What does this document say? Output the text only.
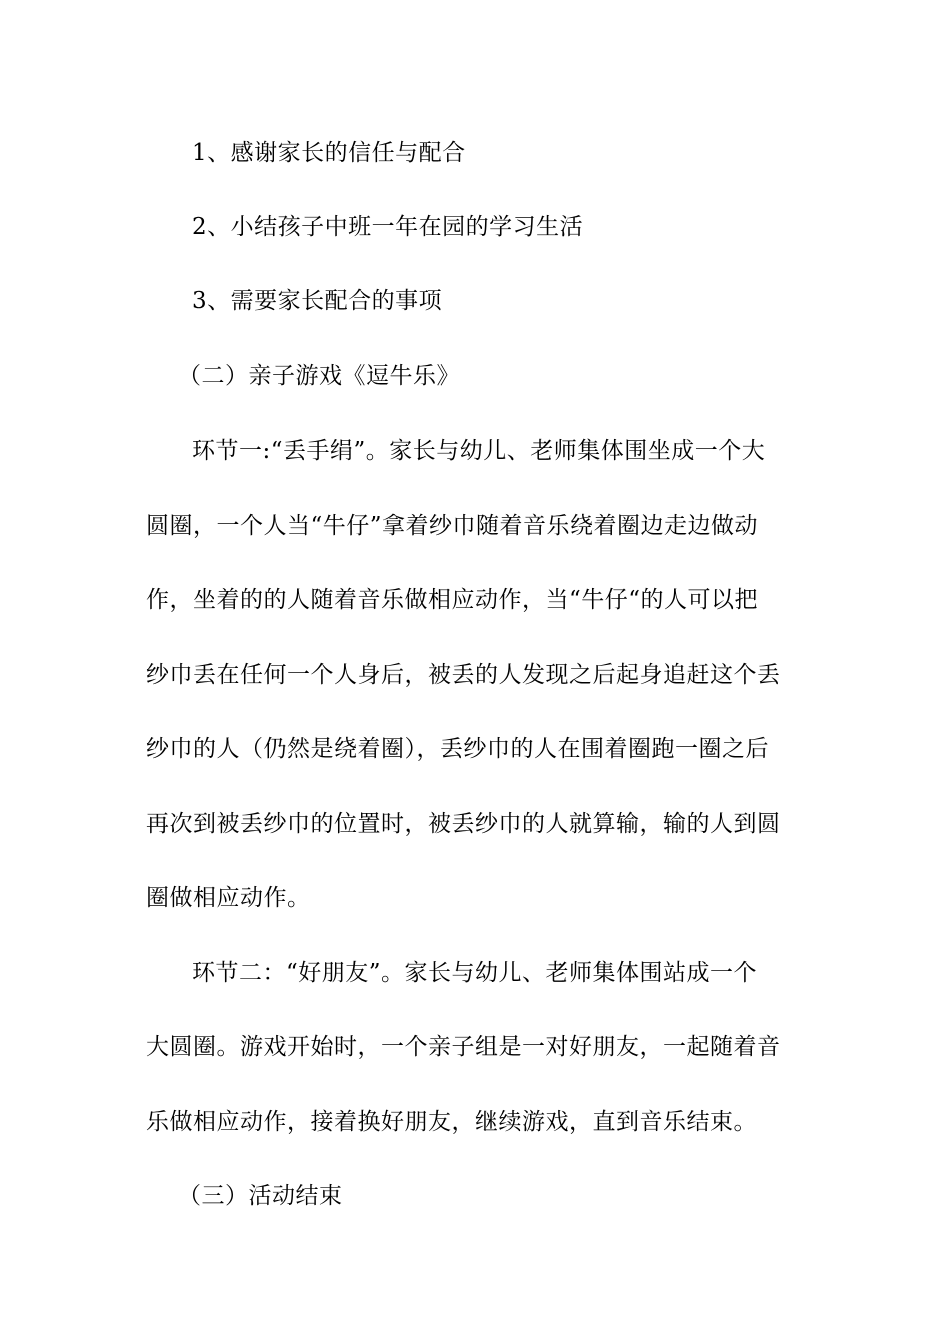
1、感谢家长的信任与配合
2、小结孩子中班一年在园的学习生活
3、需要家长配合的事项
（二）亲子游戏《逗牛乐》
环节一:“丢手绢”。家长与幼儿、老师集体围坐成一个大
圆圈，一个人当“牛仔”拿着纱巾随着音乐绕着圈边走边做动
作，坐着的的人随着音乐做相应动作，当“牛仔“的人可以把
纱巾丢在任何一个人身后，被丢的人发现之后起身追赶这个丢
纱巾的人（仍然是绕着圈），丢纱巾的人在围着圈跑一圈之后
再次到被丢纱巾的位置时，被丢纱巾的人就算输，输的人到圆
圈做相应动作。
环节二：“好朋友”。家长与幼儿、老师集体围站成一个
大圆圈。游戏开始时，一个亲子组是一对好朋友，一起随着音
乐做相应动作，接着换好朋友，继续游戏，直到音乐结束。
（三）活动结束
